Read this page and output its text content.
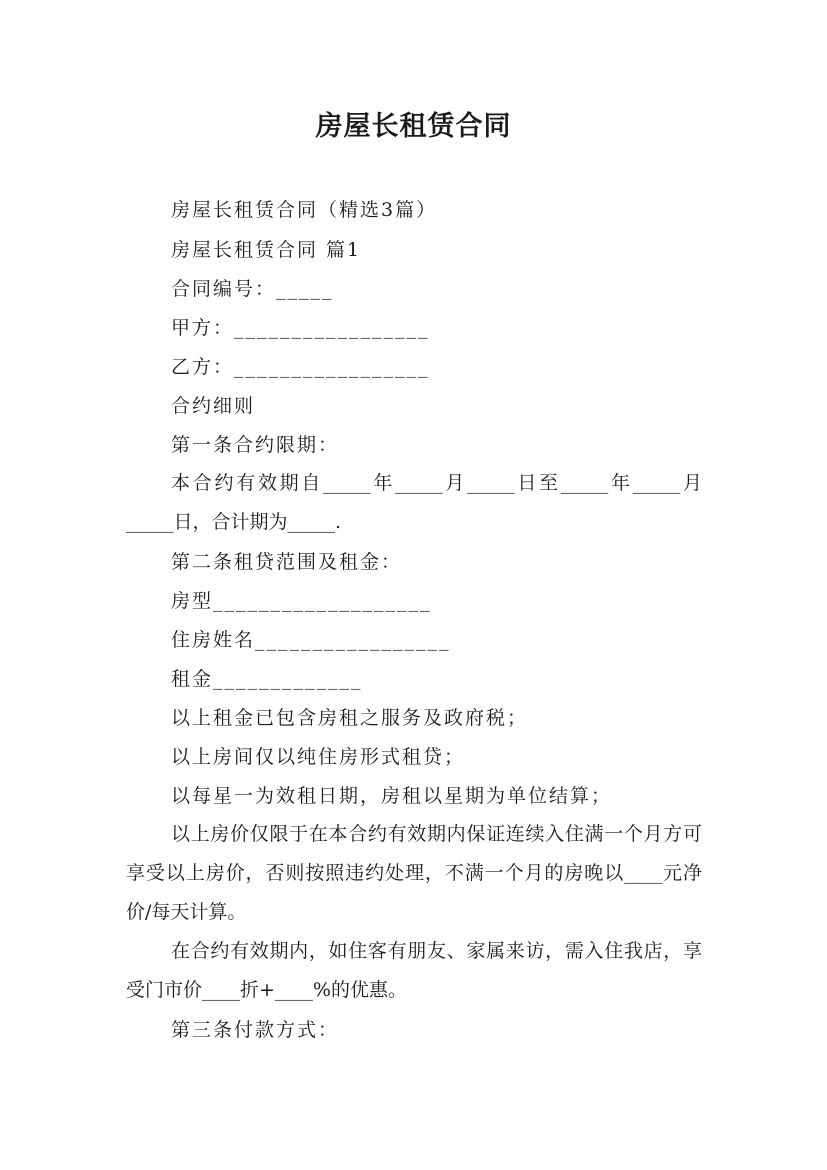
房屋长租赁合同
房屋长租赁合同（精选3篇）
房屋长租赁合同 篇1
合同编号：_____
甲方：_________________
乙方：_________________
合约细则
第一条合约限期：
本合约有效期自_____年_____月_____日至_____年_____月_____日，合计期为_____.
第二条租贷范围及租金：
房型___________________
住房姓名_________________
租金_____________
以上租金已包含房租之服务及政府税；
以上房间仅以纯住房形式租贷；
以每星一为效租日期，房租以星期为单位结算；
以上房价仅限于在本合约有效期内保证连续入住满一个月方可享受以上房价，否则按照违约处理，不满一个月的房晚以____元净价/每天计算。
在合约有效期内，如住客有朋友、家属来访，需入住我店，享受门市价____折+____%的优惠。
第三条付款方式：
